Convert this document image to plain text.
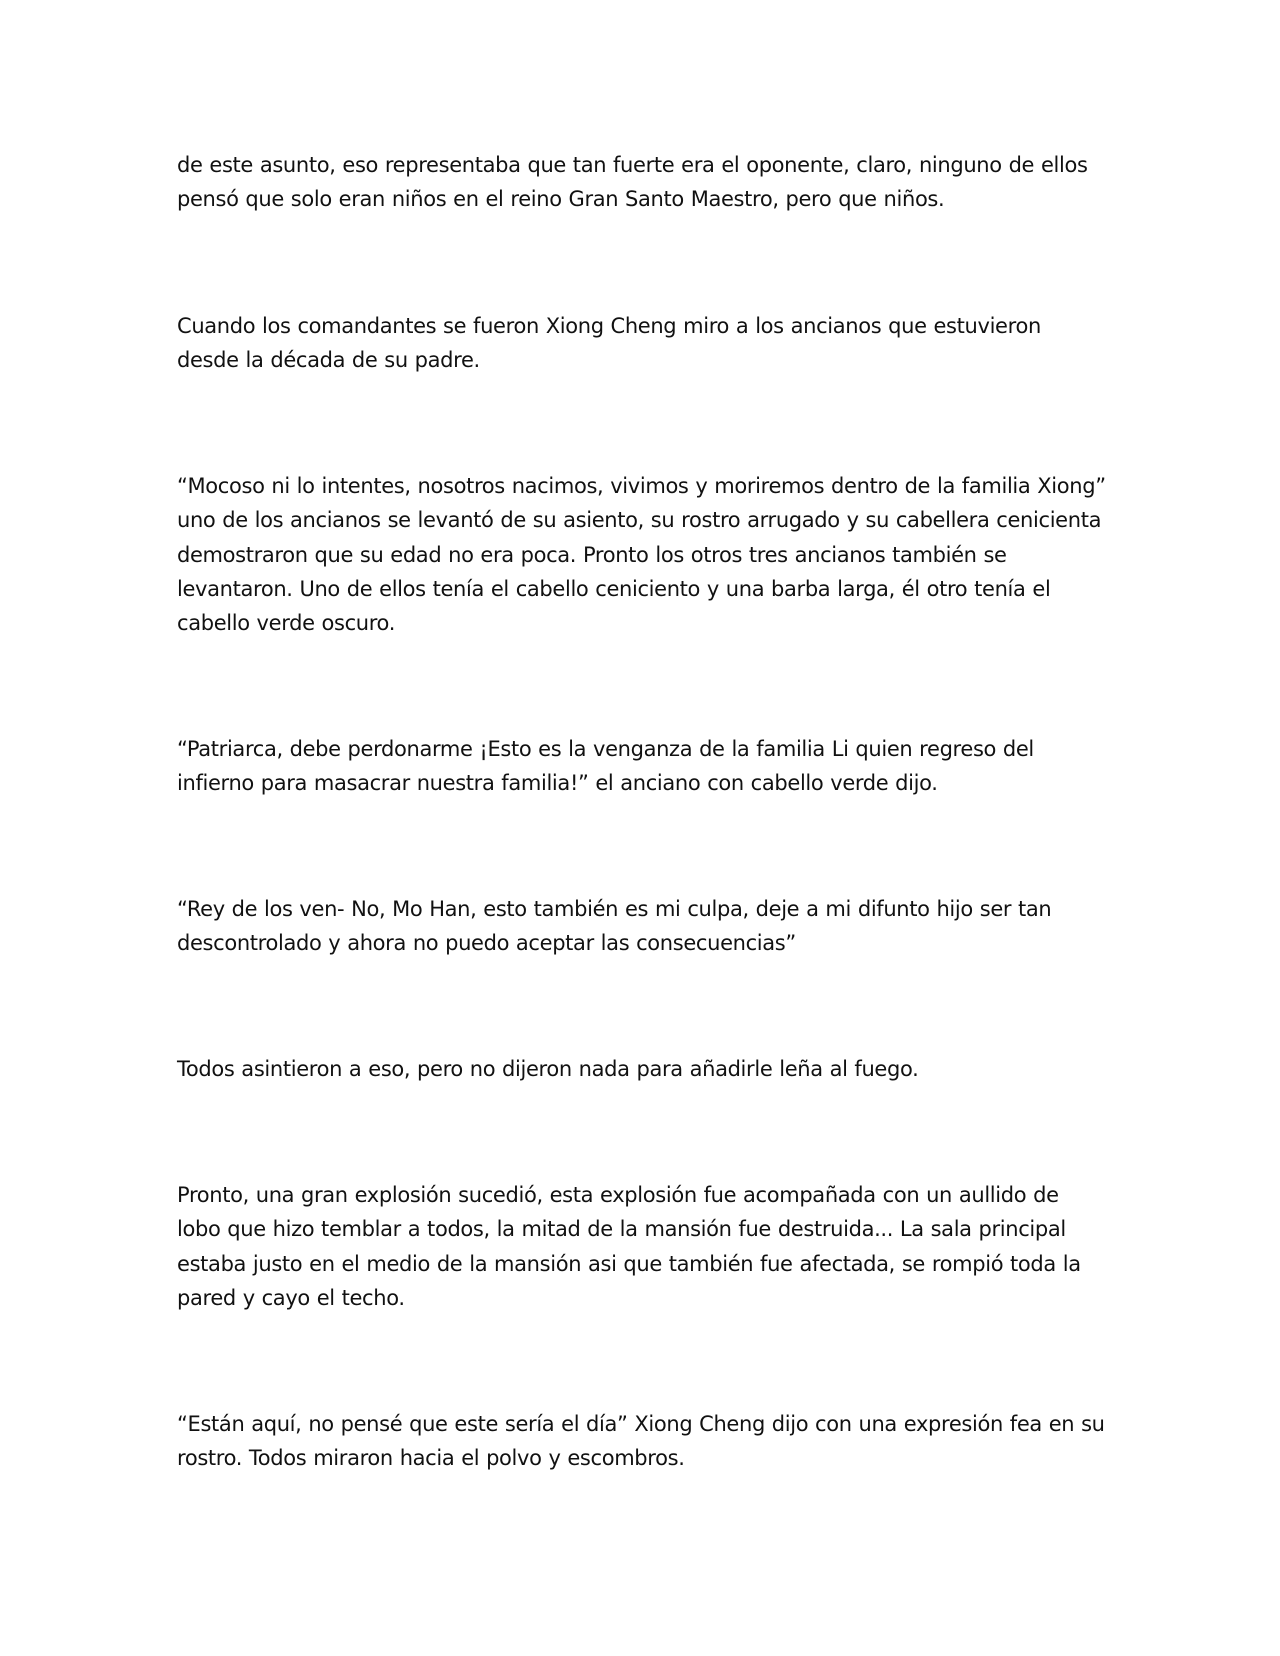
de este asunto, eso representaba que tan fuerte era el oponente, claro, ninguno de ellos pensó que solo eran niños en el reino Gran Santo Maestro, pero que niños.

Cuando los comandantes se fueron Xiong Cheng miro a los ancianos que estuvieron desde la década de su padre.

“Mocoso ni lo intentes, nosotros nacimos, vivimos y moriremos dentro de la familia Xiong” uno de los ancianos se levantó de su asiento, su rostro arrugado y su cabellera cenicienta demostraron que su edad no era poca. Pronto los otros tres ancianos también se levantaron. Uno de ellos tenía el cabello ceniciento y una barba larga, él otro tenía el cabello verde oscuro.

“Patriarca, debe perdonarme ¡Esto es la venganza de la familia Li quien regreso del infierno para masacrar nuestra familia!” el anciano con cabello verde dijo.

“Rey de los ven- No, Mo Han, esto también es mi culpa, deje a mi difunto hijo ser tan descontrolado y ahora no puedo aceptar las consecuencias”

Todos asintieron a eso, pero no dijeron nada para añadirle leña al fuego.

Pronto, una gran explosión sucedió, esta explosión fue acompañada con un aullido de lobo que hizo temblar a todos, la mitad de la mansión fue destruida... La sala principal estaba justo en el medio de la mansión asi que también fue afectada, se rompió toda la pared y cayo el techo.

“Están aquí, no pensé que este sería el día” Xiong Cheng dijo con una expresión fea en su rostro. Todos miraron hacia el polvo y escombros.
